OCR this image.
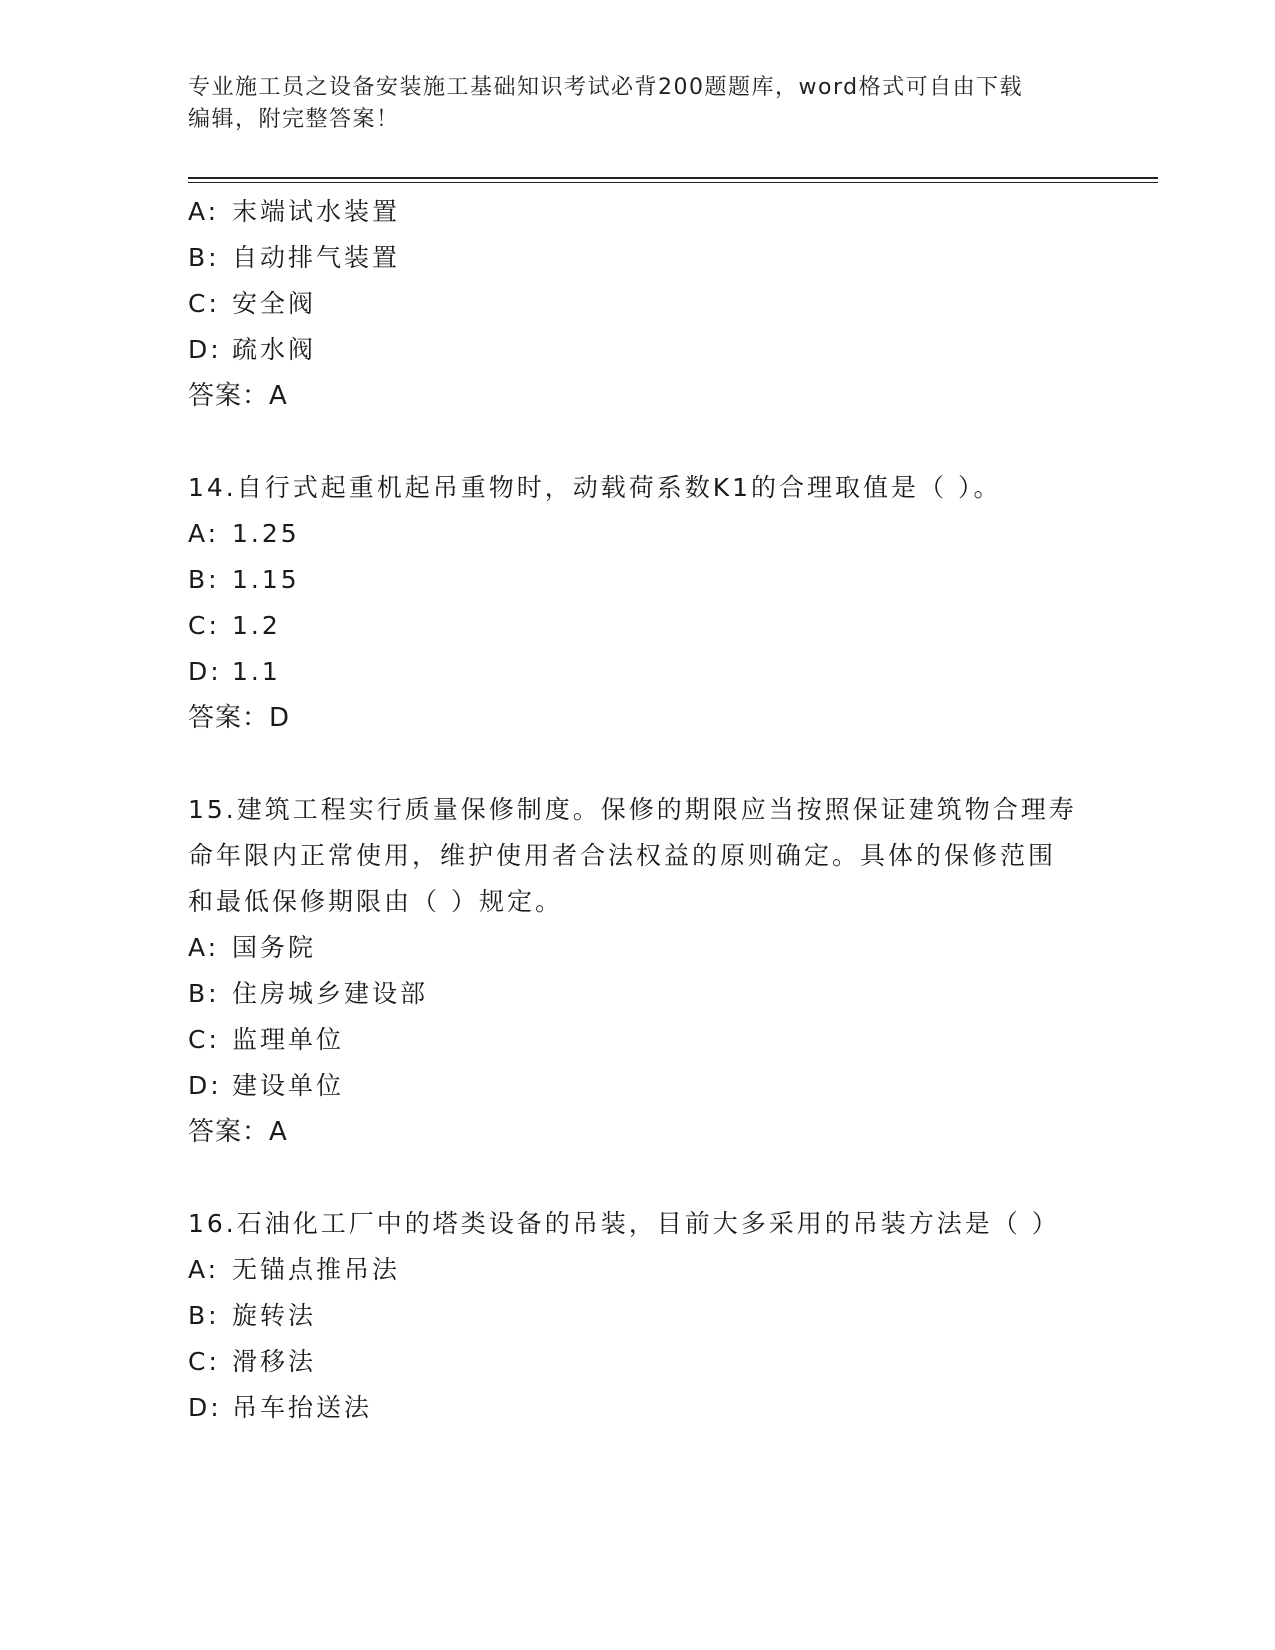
专业施工员之设备安装施工基础知识考试必背200题题库，word格式可自由下载
编辑，附完整答案！
A: 末端试水装置
B: 自动排气装置
C: 安全阀
D: 疏水阀
答案：A
14.自行式起重机起吊重物时，动载荷系数K1的合理取值是（ ）。
A: 1.25
B: 1.15
C: 1.2
D: 1.1
答案：D
15.建筑工程实行质量保修制度。保修的期限应当按照保证建筑物合理寿命年限内正常使用，维护使用者合法权益的原则确定。具体的保修范围和最低保修期限由（ ）规定。
A: 国务院
B: 住房城乡建设部
C: 监理单位
D: 建设单位
答案：A
16.石油化工厂中的塔类设备的吊装，目前大多采用的吊装方法是（ ）
A: 无锚点推吊法
B: 旋转法
C: 滑移法
D: 吊车抬送法
